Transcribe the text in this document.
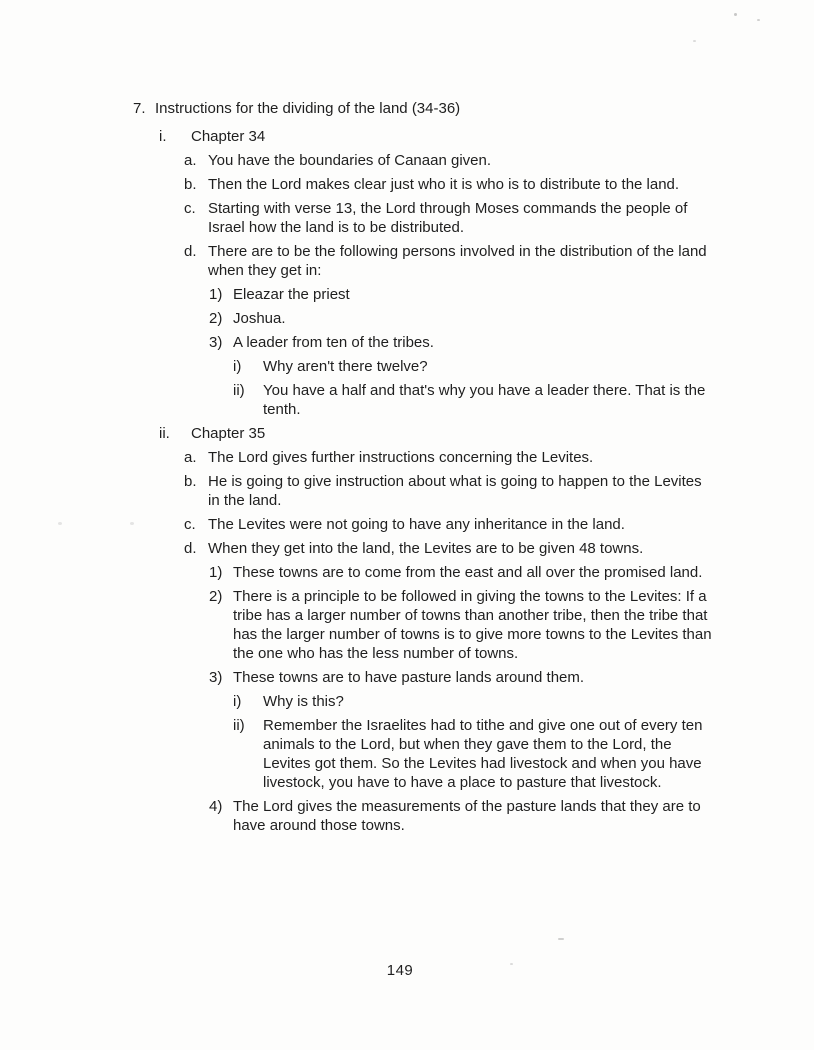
7. Instructions for the dividing of the land (34-36)
i.	Chapter 34
a. You have the boundaries of Canaan given.
b. Then the Lord makes clear just who it is who is to distribute to the land.
c. Starting with verse 13, the Lord through Moses commands the people of Israel how the land is to be distributed.
d. There are to be the following persons involved in the distribution of the land when they get in:
1) Eleazar the priest
2) Joshua.
3) A leader from ten of the tribes.
i)	Why aren't there twelve?
ii)	You have a half and that's why you have a leader there. That is the tenth.
ii.	Chapter 35
a. The Lord gives further instructions concerning the Levites.
b. He is going to give instruction about what is going to happen to the Levites in the land.
c. The Levites were not going to have any inheritance in the land.
d. When they get into the land, the Levites are to be given 48 towns.
1) These towns are to come from the east and all over the promised land.
2) There is a principle to be followed in giving the towns to the Levites: If a tribe has a larger number of towns than another tribe, then the tribe that has the larger number of towns is to give more towns to the Levites than the one who has the less number of towns.
3) These towns are to have pasture lands around them.
i)	Why is this?
ii)	Remember the Israelites had to tithe and give one out of every ten animals to the Lord, but when they gave them to the Lord, the Levites got them. So the Levites had livestock and when you have livestock, you have to have a place to pasture that livestock.
4) The Lord gives the measurements of the pasture lands that they are to have around those towns.
149
